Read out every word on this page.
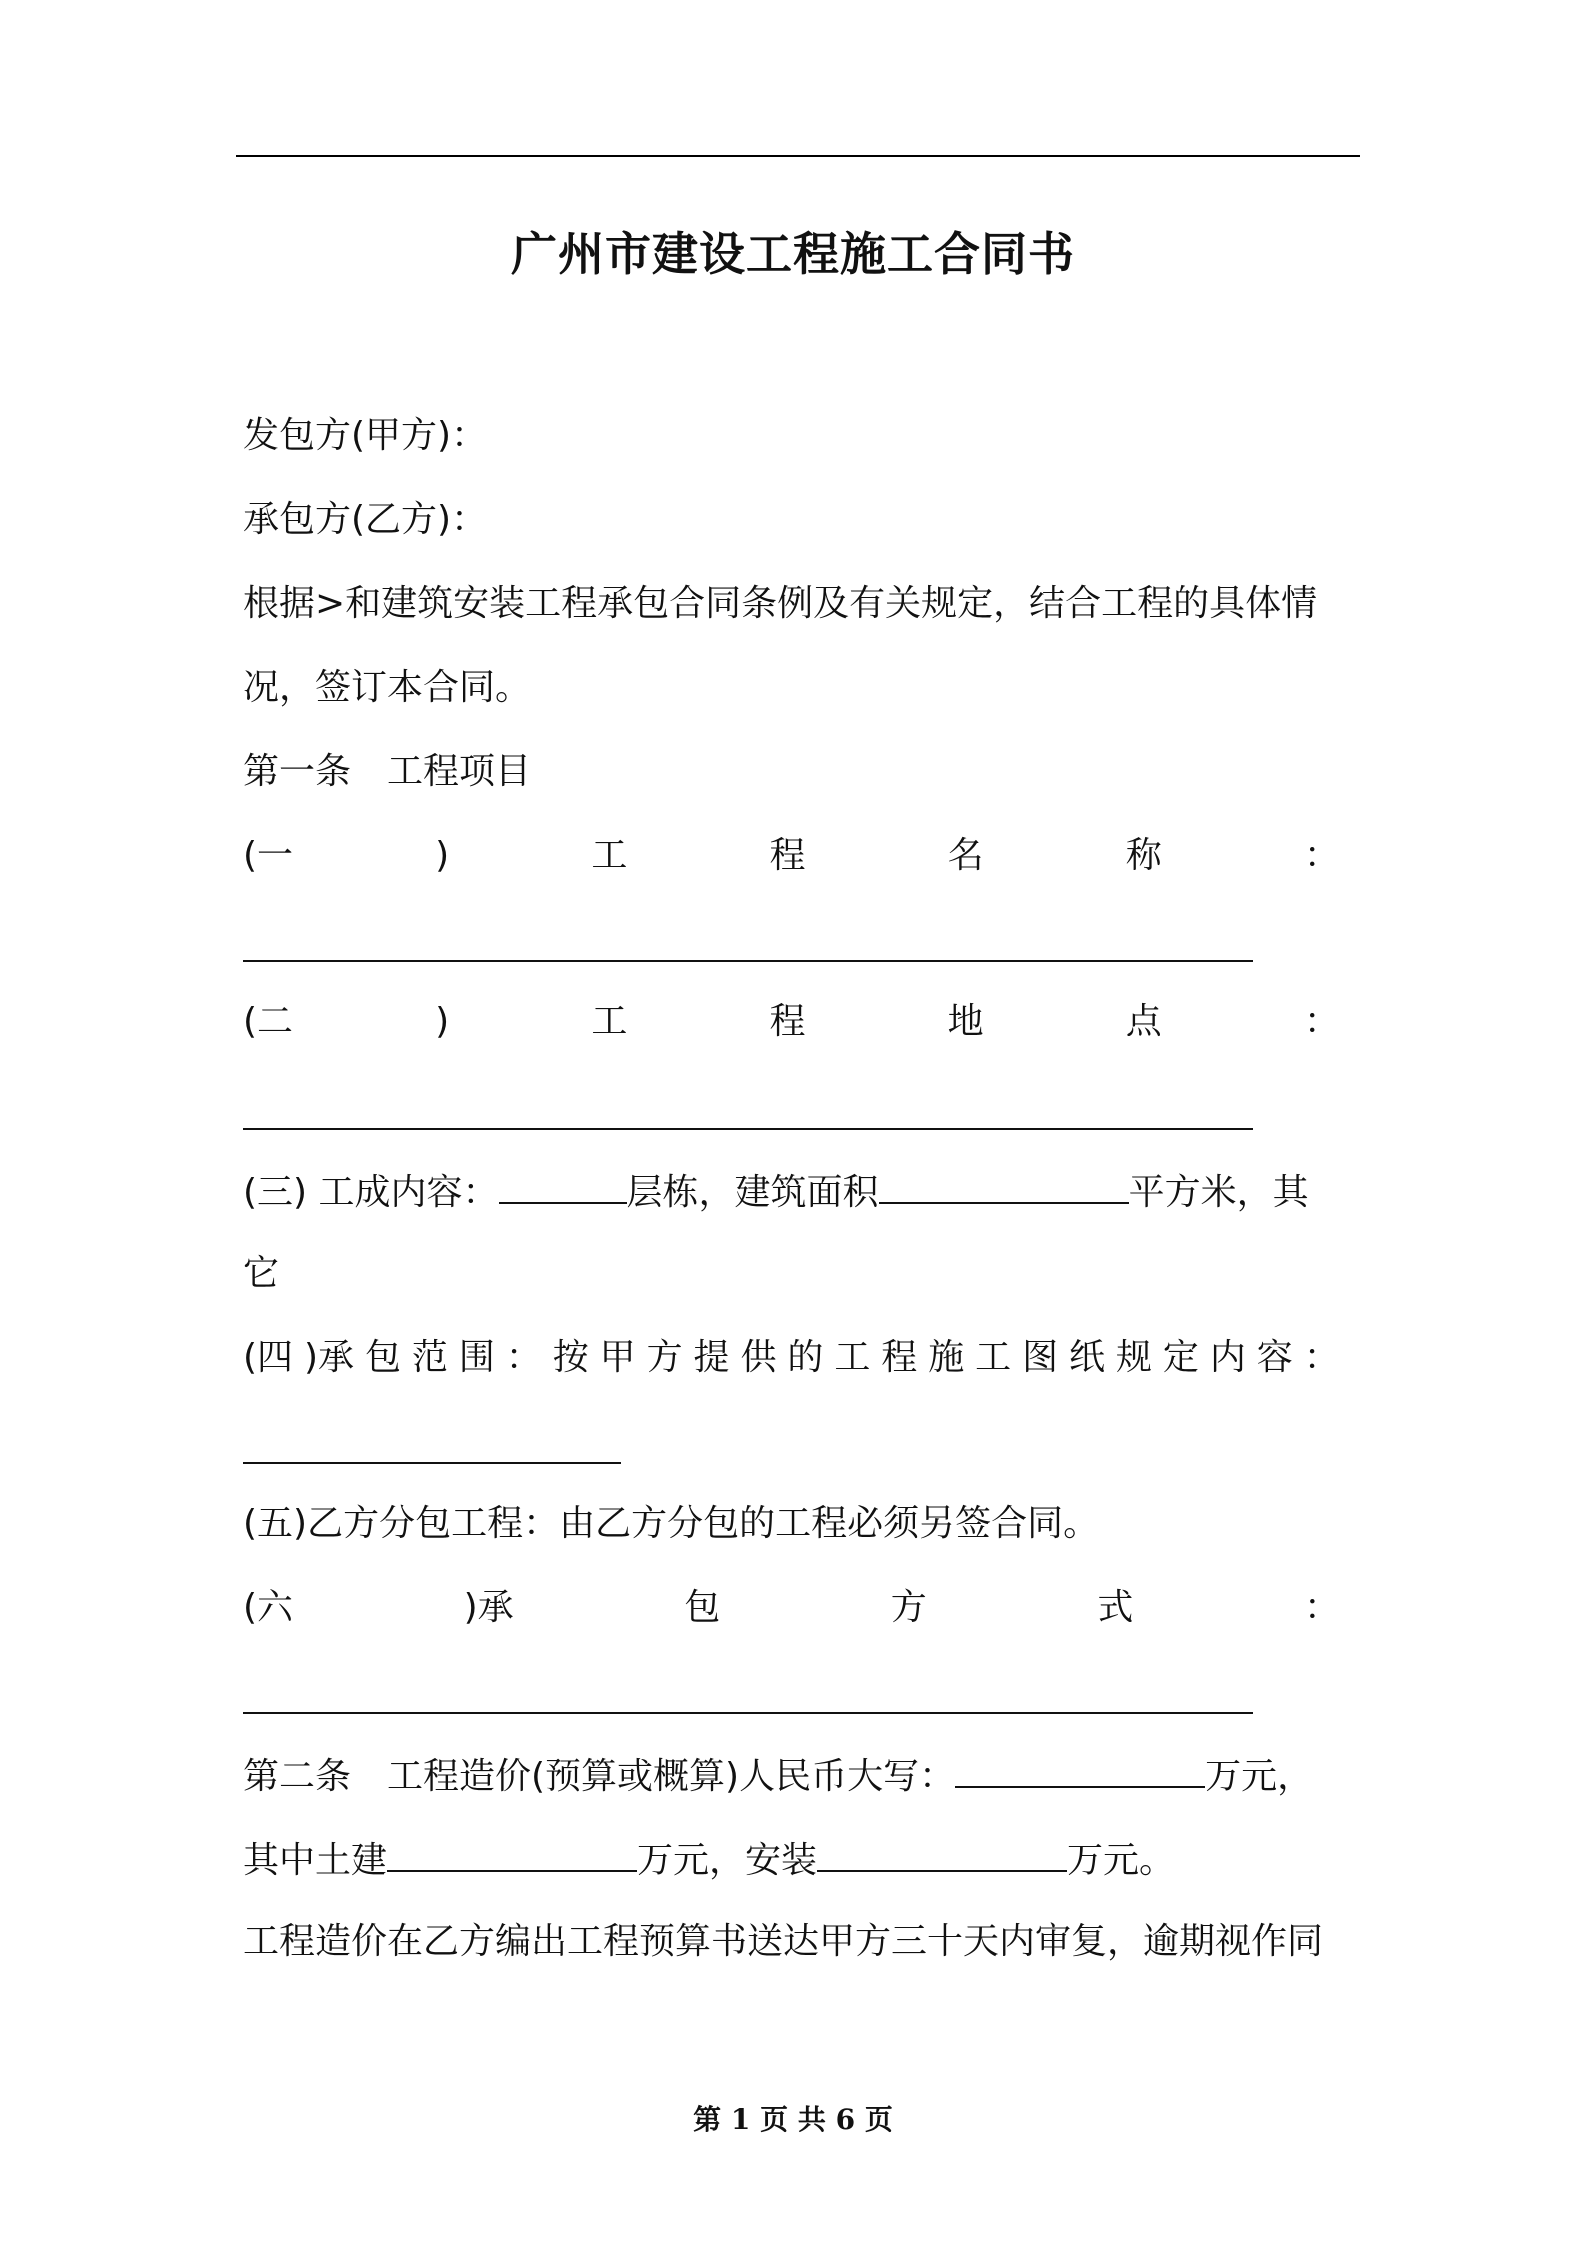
广州市建设工程施工合同书
发包方(甲方)：
承包方(乙方)：
根据>和建筑安装工程承包合同条例及有关规定，结合工程的具体情
况，签订本合同。
第一条　工程项目
(一	)	工	程	名	称	：
(二	)	工	程	地	点	：
(三) 工成内容：	层栋，建筑面积	平方米，其
它
(四 )承 包 范 围 ： 按 甲 方 提 供 的 工 程 施 工 图 纸 规 定 内 容 ：
(五)乙方分包工程：由乙方分包的工程必须另签合同。
(六	)承	包	方	式	：
第二条　工程造价(预算或概算)人民币大写：	万元，
其中土建	万元，安装	万元。
工程造价在乙方编出工程预算书送达甲方三十天内审复，逾期视作同
第 1 页 共 6 页
